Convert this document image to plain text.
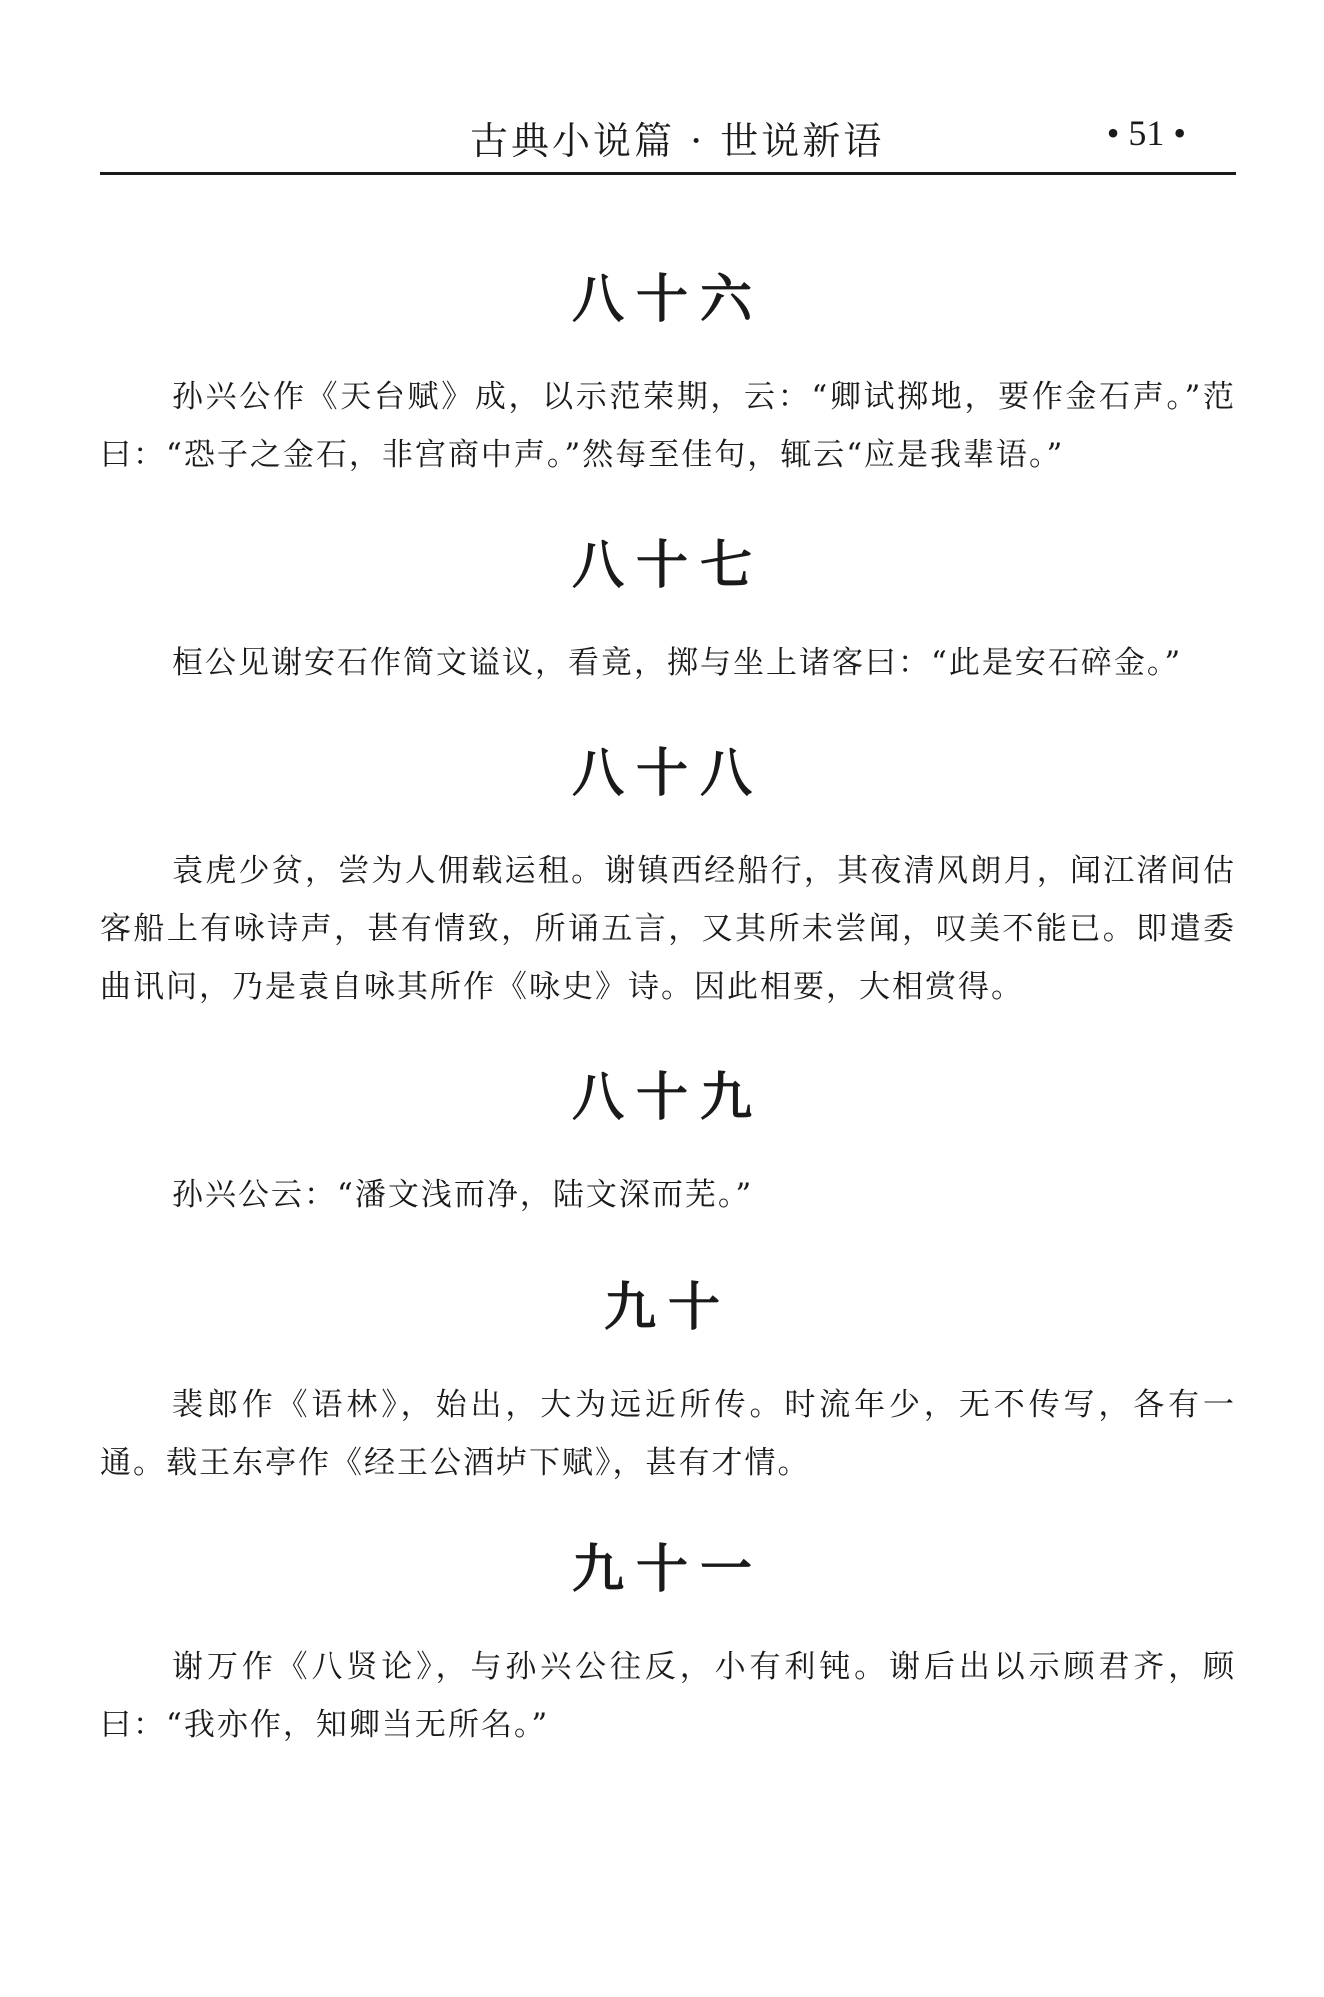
古典小说篇 · 世说新语	• 51 •
八十六

孙兴公作《天台赋》成，以示范荣期，云：“卿试掷地，要作金石声。”范曰：“恐子之金石，非宫商中声。”然每至佳句，辄云“应是我辈语。”

八十七

桓公见谢安石作简文谥议，看竟，掷与坐上诸客曰：“此是安石碎金。”

八十八

袁虎少贫，尝为人佣载运租。谢镇西经船行，其夜清风朗月，闻江渚间估客船上有咏诗声，甚有情致，所诵五言，又其所未尝闻，叹美不能已。即遣委曲讯问，乃是袁自咏其所作《咏史》诗。因此相要，大相赏得。

八十九

孙兴公云：“潘文浅而净，陆文深而芜。”

九十

裴郎作《语林》，始出，大为远近所传。时流年少，无不传写，各有一通。载王东亭作《经王公酒垆下赋》，甚有才情。

九十一

谢万作《八贤论》，与孙兴公往反，小有利钝。谢后出以示顾君齐，顾曰：“我亦作，知卿当无所名。”
